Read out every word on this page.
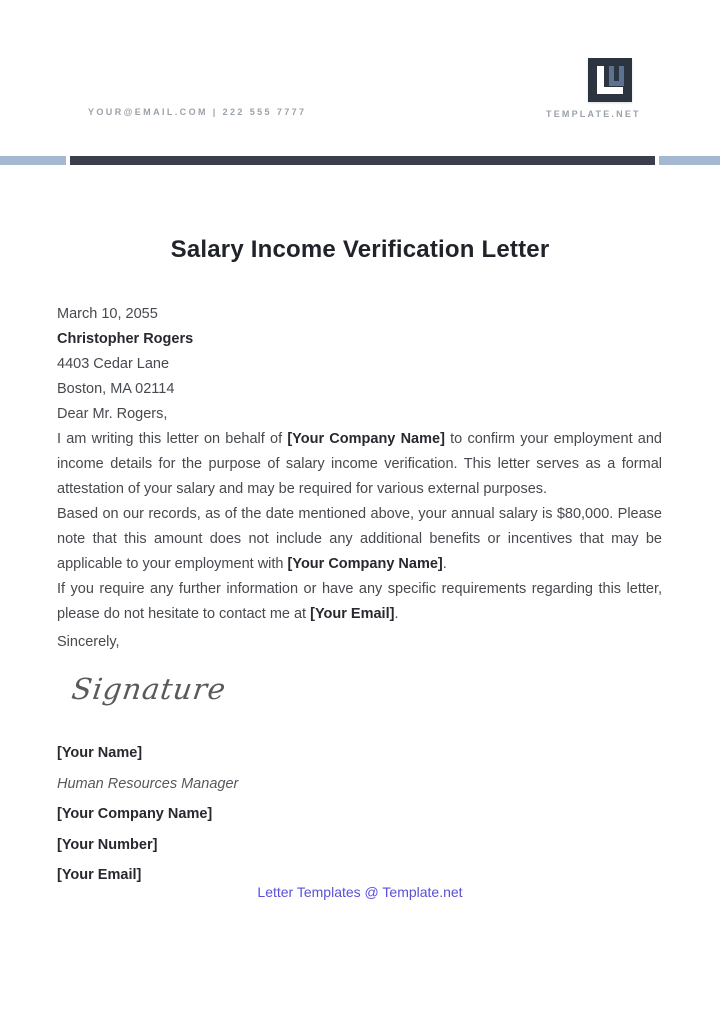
YOUR@EMAIL.COM | 222 555 7777	TEMPLATE.NET
Salary Income Verification Letter
March 10, 2055
Christopher Rogers
4403 Cedar Lane
Boston, MA 02114
Dear Mr. Rogers,

I am writing this letter on behalf of [Your Company Name] to confirm your employment and income details for the purpose of salary income verification. This letter serves as a formal attestation of your salary and may be required for various external purposes.

Based on our records, as of the date mentioned above, your annual salary is $80,000. Please note that this amount does not include any additional benefits or incentives that may be applicable to your employment with [Your Company Name].

If you require any further information or have any specific requirements regarding this letter, please do not hesitate to contact me at [Your Email].

Sincerely,
Signature
[Your Name]
Human Resources Manager
[Your Company Name]
[Your Number]
[Your Email]
Letter Templates @ Template.net
